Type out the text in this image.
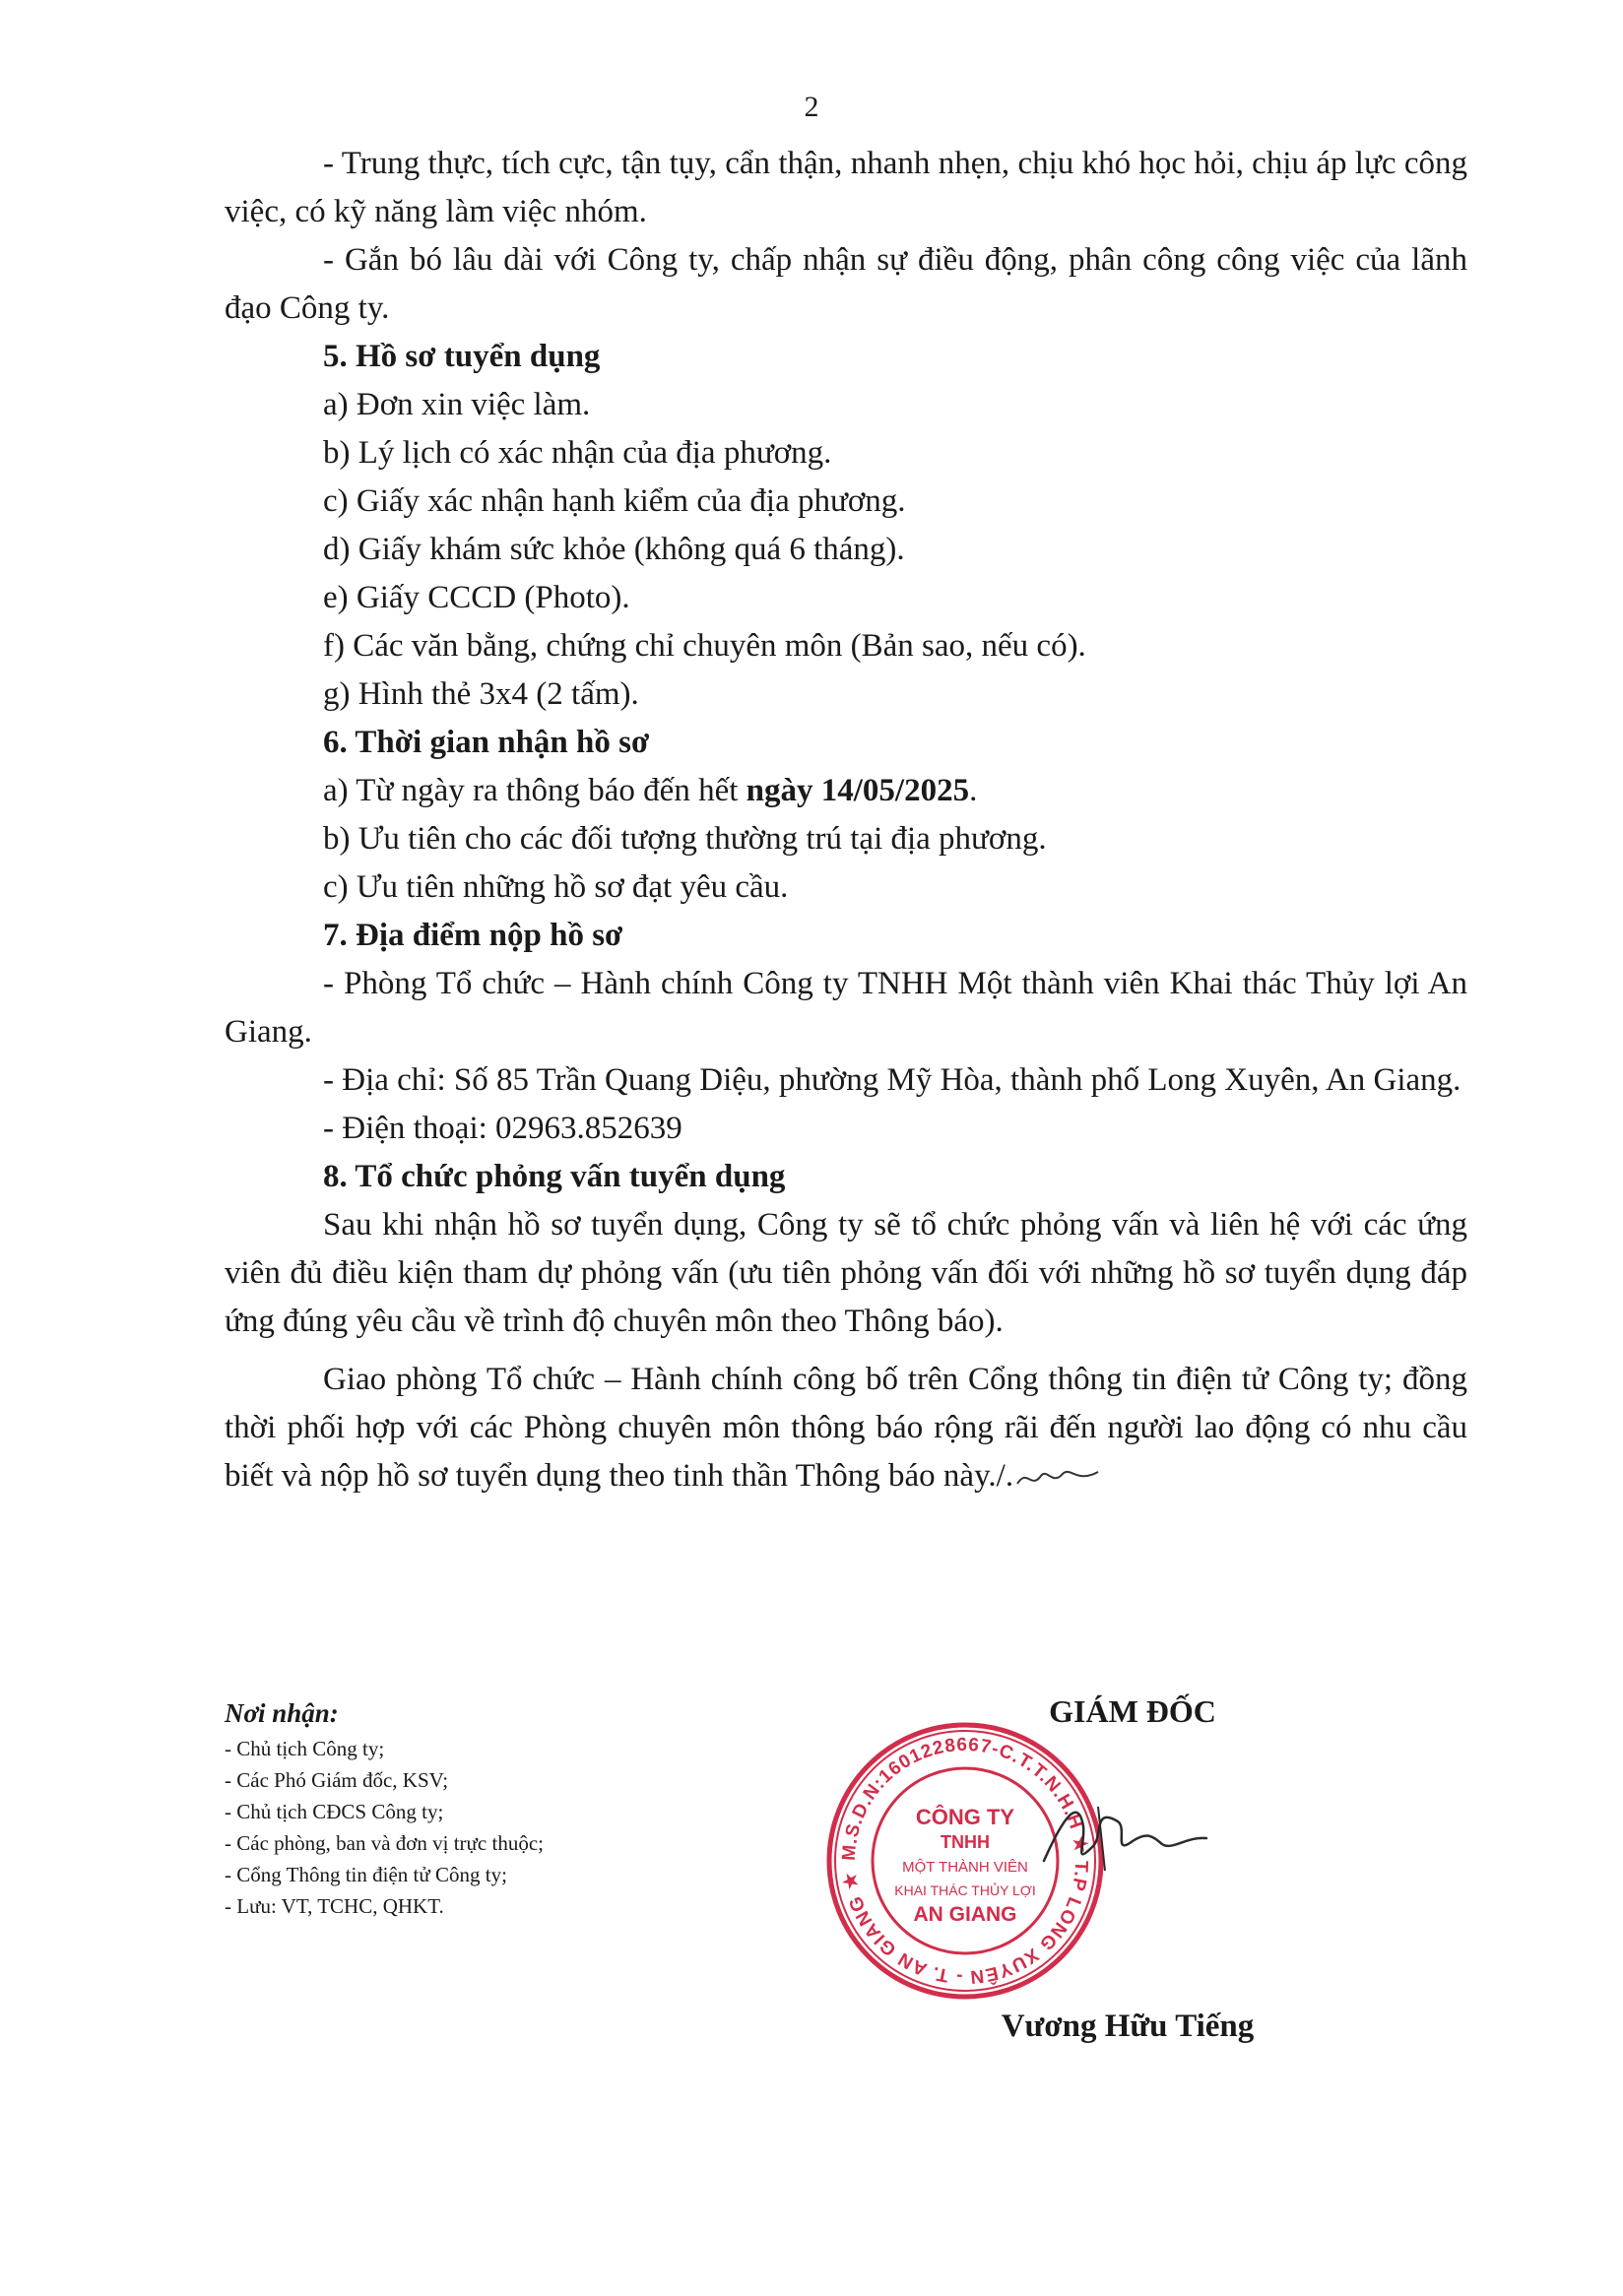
2

- Trung thực, tích cực, tận tụy, cẩn thận, nhanh nhẹn, chịu khó học hỏi, chịu áp lực công việc, có kỹ năng làm việc nhóm.

- Gắn bó lâu dài với Công ty, chấp nhận sự điều động, phân công công việc của lãnh đạo Công ty.

5. Hồ sơ tuyển dụng

a) Đơn xin việc làm.

b) Lý lịch có xác nhận của địa phương.

c) Giấy xác nhận hạnh kiểm của địa phương.

d) Giấy khám sức khỏe (không quá 6 tháng).

e) Giấy CCCD (Photo).

f) Các văn bằng, chứng chỉ chuyên môn (Bản sao, nếu có).

g) Hình thẻ 3x4 (2 tấm).

6. Thời gian nhận hồ sơ

a) Từ ngày ra thông báo đến hết ngày 14/05/2025.

b) Ưu tiên cho các đối tượng thường trú tại địa phương.

c) Ưu tiên những hồ sơ đạt yêu cầu.

7. Địa điểm nộp hồ sơ

- Phòng Tổ chức – Hành chính Công ty TNHH Một thành viên Khai thác Thủy lợi An Giang.

- Địa chỉ: Số 85 Trần Quang Diệu, phường Mỹ Hòa, thành phố Long Xuyên, An Giang.

- Điện thoại: 02963.852639

8. Tổ chức phỏng vấn tuyển dụng

Sau khi nhận hồ sơ tuyển dụng, Công ty sẽ tổ chức phỏng vấn và liên hệ với các ứng viên đủ điều kiện tham dự phỏng vấn (ưu tiên phỏng vấn đối với những hồ sơ tuyển dụng đáp ứng đúng yêu cầu về trình độ chuyên môn theo Thông báo).

Giao phòng Tổ chức – Hành chính công bố trên Cổng thông tin điện tử Công ty; đồng thời phối hợp với các Phòng chuyên môn thông báo rộng rãi đến người lao động có nhu cầu biết và nộp hồ sơ tuyển dụng theo tinh thần Thông báo này./.

Nơi nhận:
- Chủ tịch Công ty;
- Các Phó Giám đốc, KSV;
- Chủ tịch CĐCS Công ty;
- Các phòng, ban và đơn vị trực thuộc;
- Cổng Thông tin điện tử Công ty;
- Lưu: VT, TCHC, QHKT.
GIÁM ĐỐC
M.S.D.N:1601228667-C.T.T.N.H.H ★ T.P LONG XUYÊN - T. AN GIANG ★
CÔNG TY
TNHH
MỘT THÀNH VIÊN
KHAI THÁC THỦY LỢI
AN GIANG
Vương Hữu Tiếng
